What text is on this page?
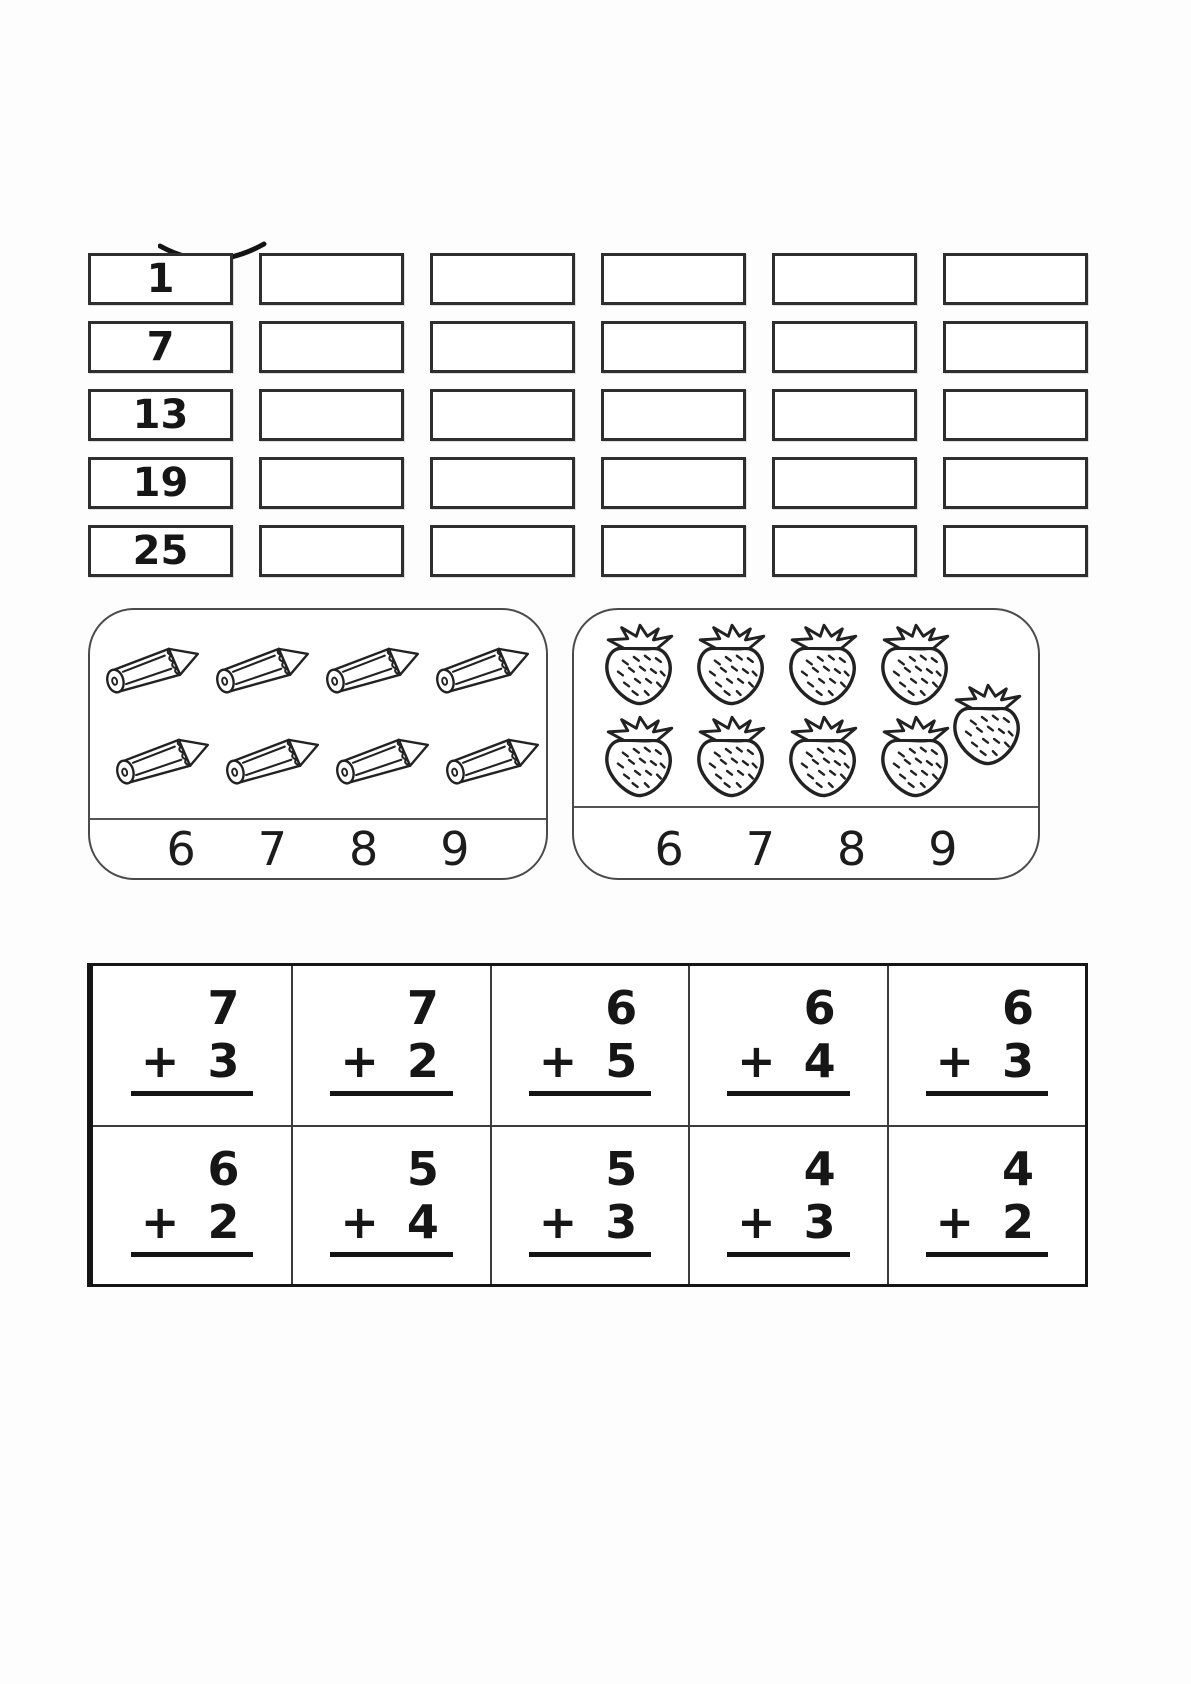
1
7
13
19
25
6 7 8 9	6 7 8 9
7
+ 3
7
+ 2
6
+ 5
6
+ 4
6
+ 3
6
+ 2
5
+ 4
5
+ 3
4
+ 3
4
+ 2
